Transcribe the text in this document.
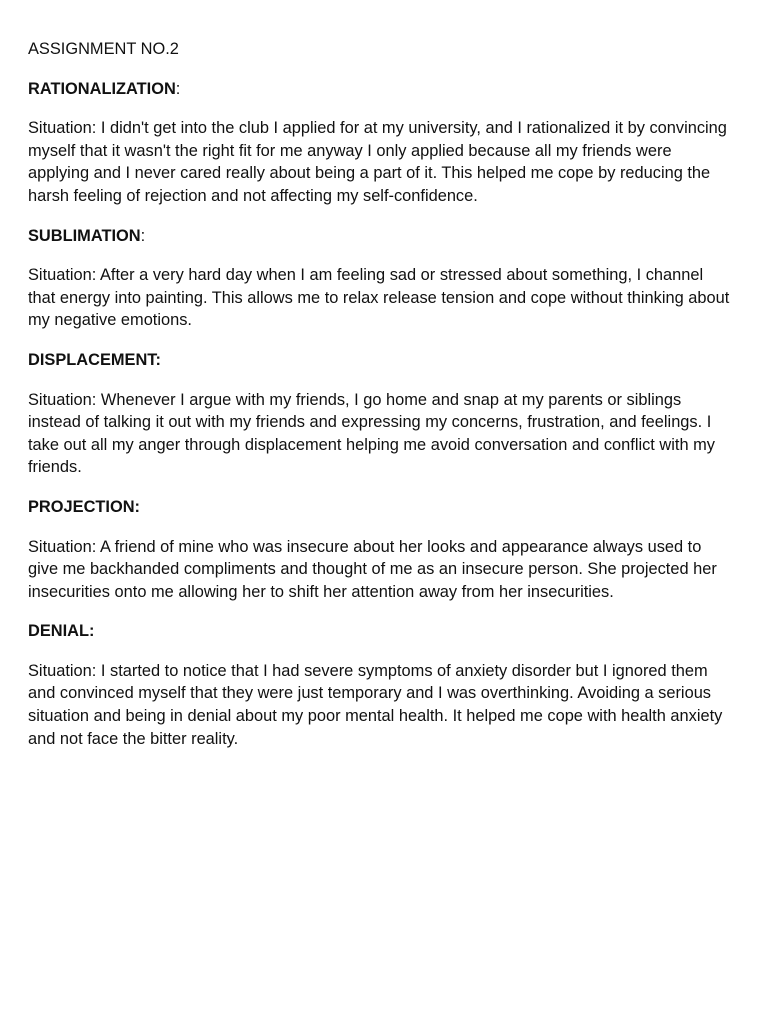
ASSIGNMENT NO.2
RATIONALIZATION:
Situation: I didn't get into the club I applied for at my university, and I rationalized it by convincing myself that it wasn't the right fit for me anyway I only applied because all my friends were applying and I never cared really about being a part of it. This helped me cope by reducing the harsh feeling of rejection and not affecting my self-confidence.
SUBLIMATION:
Situation: After a very hard day when I am feeling sad or stressed about something, I channel that energy into painting. This allows me to relax release tension and cope without thinking about my negative emotions.
DISPLACEMENT:
Situation: Whenever I argue with my friends, I go home and snap at my parents or siblings instead of talking it out with my friends and expressing my concerns, frustration, and feelings. I take out all my anger through displacement helping me avoid conversation and conflict with my friends.
PROJECTION:
Situation: A friend of mine who was insecure about her looks and appearance always used to give me backhanded compliments and thought of me as an insecure person. She projected her insecurities onto me allowing her to shift her attention away from her insecurities.
DENIAL:
Situation: I started to notice that I had severe symptoms of anxiety disorder but I ignored them and convinced myself that they were just temporary and I was overthinking. Avoiding a serious situation and being in denial about my poor mental health. It helped me cope with health anxiety and not face the bitter reality.
